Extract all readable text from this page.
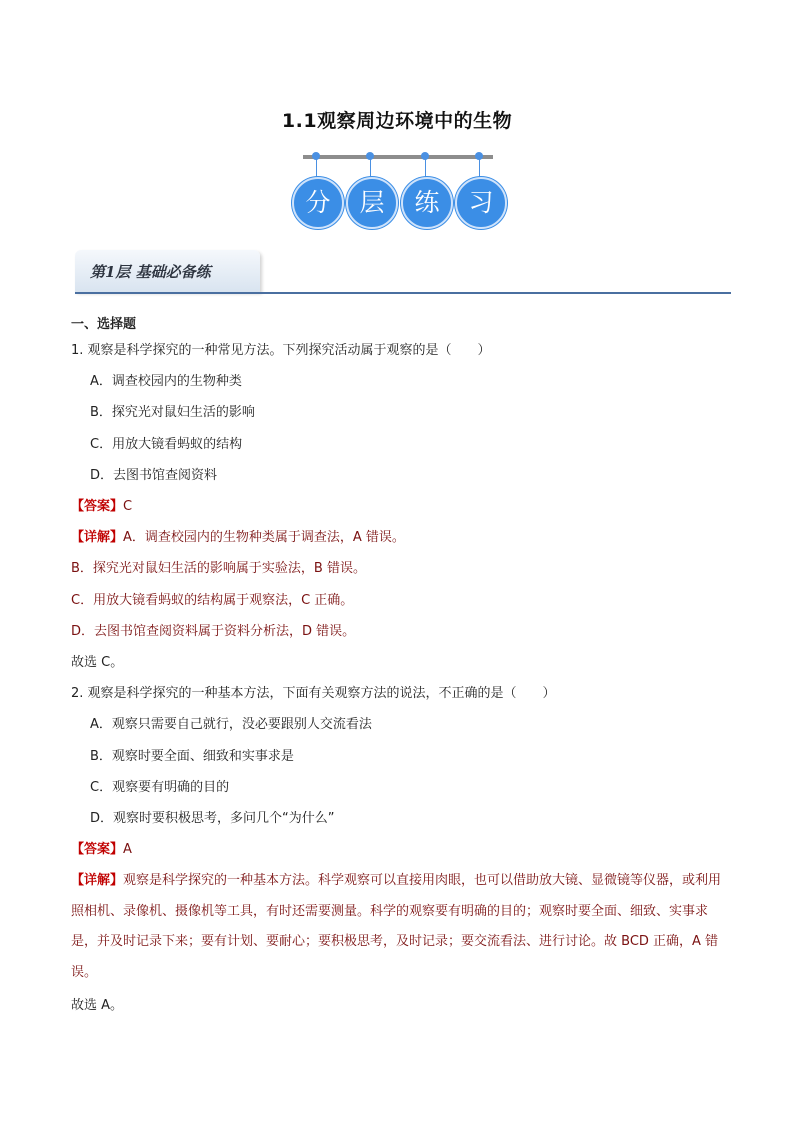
1.1观察周边环境中的生物
分	层	练	习
第1层 基础必备练
一、选择题
1. 观察是科学探究的一种常见方法。下列探究活动属于观察的是（　　）
A．调查校园内的生物种类
B．探究光对鼠妇生活的影响
C．用放大镜看蚂蚁的结构
D．去图书馆查阅资料
【答案】C
【详解】A．调查校园内的生物种类属于调查法，A 错误。
B．探究光对鼠妇生活的影响属于实验法，B 错误。
C．用放大镜看蚂蚁的结构属于观察法，C 正确。
D．去图书馆查阅资料属于资料分析法，D 错误。
故选 C。
2. 观察是科学探究的一种基本方法，下面有关观察方法的说法，不正确的是（　　）
A．观察只需要自己就行，没必要跟别人交流看法
B．观察时要全面、细致和实事求是
C．观察要有明确的目的
D．观察时要积极思考，多问几个“为什么”
【答案】A
【详解】观察是科学探究的一种基本方法。科学观察可以直接用肉眼，也可以借助放大镜、显微镜等仪器，或利用照相机、录像机、摄像机等工具，有时还需要测量。科学的观察要有明确的目的；观察时要全面、细致、实事求是，并及时记录下来；要有计划、要耐心；要积极思考，及时记录；要交流看法、进行讨论。故 BCD 正确，A 错误。
故选 A。
